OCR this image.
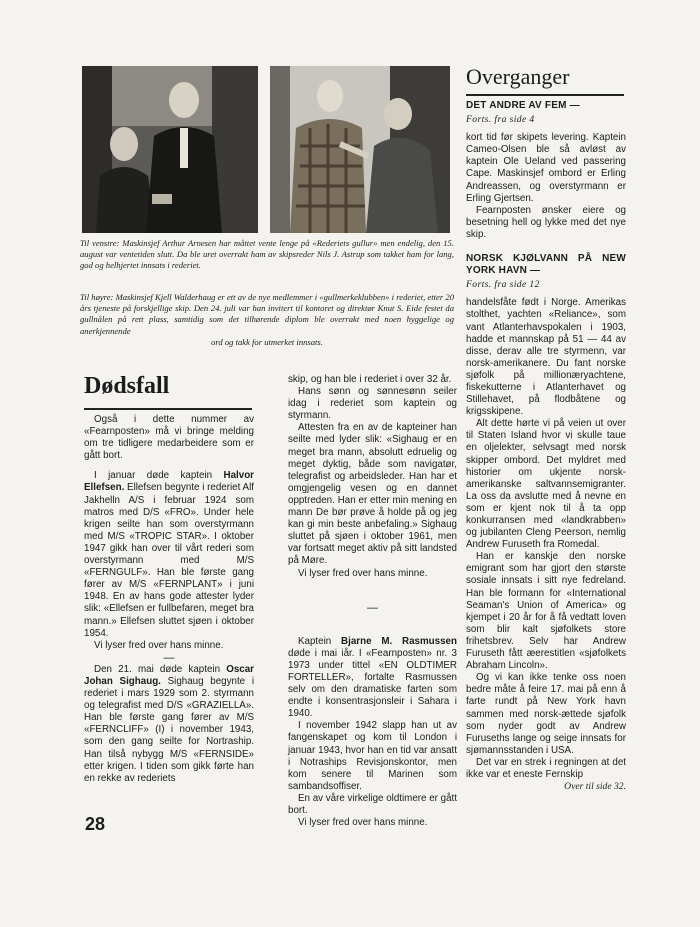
Til venstre: Maskinsjef Arthur Arnesen har måttet vente lenge på «Rederiets gullur» men endelig, den 15. august var ventetiden slutt. Da ble uret overrakt ham av skipsreder Nils J. Astrup som takket ham for lang, god og helhjertet innsats i rederiet.

Til høyre: Maskinsjef Kjell Walderhaug er ett av de nye medlemmer i «gullmerkeklubben» i rederiet, etter 20 års tjeneste på forskjellige skip. Den 24. juli var han invitert til kontoret og direktør Knut S. Eide festet da gullnålen på rett plass, samtidig som det tilhørende diplom ble overrakt med noen hyggelige og anerkjennende

ord og takk for utmerket innsats.

Dødsfall

Også i dette nummer av «Fearnposten» må vi bringe melding om tre tidligere medarbeidere som er gått bort.

I januar døde kaptein Halvor Ellefsen. Ellefsen begynte i rederiet Alf Jakhelln A/S i februar 1924 som matros med D/S «FRO». Under hele krigen seilte han som overstyrmann med M/S «TROPIC STAR». I oktober 1947 gikk han over til vårt rederi som overstyrmann med M/S «FERNGULF». Han ble første gang fører av M/S «FERNPLANT» i juni 1948. En av hans gode attester lyder slik: «Ellefsen er fullbefaren, meget bra mann.» Ellefsen sluttet sjøen i oktober 1954.

Vi lyser fred over hans minne.

—

Den 21. mai døde kaptein Oscar Johan Sighaug. Sighaug begynte i rederiet i mars 1929 som 2. styrmann og telegrafist med D/S «GRAZIELLA». Han ble første gang fører av M/S «FERNCLIFF» (I) i november 1943, som den gang seilte for Nortraship. Han tilså nybygg M/S «FERNSIDE» etter krigen. I tiden som gikk førte han en rekke av rederiets

skip, og han ble i rederiet i over 32 år.

Hans sønn og sønnesønn seiler idag i rederiet som kaptein og styrmann.

Attesten fra en av de kapteiner han seilte med lyder slik: «Sighaug er en meget bra mann, absolutt edruelig og meget dyktig, både som navigatør, telegrafist og arbeidsleder. Han har et omgjengelig vesen og en dannet opptreden. Han er etter min mening en mann De bør prøve å holde på og jeg kan gi min beste anbefaling.» Sighaug sluttet på sjøen i oktober 1961, men var fortsatt meget aktiv på sitt landsted på Møre.

Vi lyser fred over hans minne.

—

Kaptein Bjarne M. Rasmussen døde i mai iår. I «Fearnposten» nr. 3 1973 under tittel «EN OLDTIMER FORTELLER», fortalte Rasmussen selv om den dramatiske farten som endte i konsentrasjonsleir i Sahara i 1940.

I november 1942 slapp han ut av fangenskapet og kom til London i januar 1943, hvor han en tid var ansatt i Notraships Revisjonskontor, men kom senere til Marinen som sambandsoffiser.

En av våre virkelige oldtimere er gått bort.

Vi lyser fred over hans minne.

Overganger

DET ANDRE AV FEM —

Forts. fra side 4

kort tid før skipets levering. Kaptein Cameo-Olsen ble så avløst av kaptein Ole Ueland ved passering Cape. Maskinsjef ombord er Erling Andreassen, og overstyrmann er Erling Gjertsen.

Fearnposten ønsker eiere og besetning hell og lykke med det nye skip.

NORSK KJØLVANN PÅ NEW YORK HAVN —

Forts. fra side 12

handelsfåte født i Norge. Amerikas stolthet, yachten «Reliance», som vant Atlanterhavspokalen i 1903, hadde et mannskap på 51 — 44 av disse, derav alle tre styrmenn, var norsk-amerikanere. Du fant norske sjøfolk på millionæryachtene, fiskekutterne i Atlanterhavet og Stillehavet, på flodbåtene og krigsskipene.

Alt dette hørte vi på veien ut over til Staten Island hvor vi skulle taue en oljelekter, selvsagt med norsk skipper ombord. Det myldret med historier om ukjente norsk-amerikanske saltvannsemigranter. La oss da avslutte med å nevne en som er kjent nok til å ta opp konkurransen med «landkrabben» og jubilanten Cleng Peerson, nemlig Andrew Furuseth fra Romedal.

Han er kanskje den norske emigrant som har gjort den største sosiale innsats i sitt nye fedreland. Han ble formann for «International Seaman's Union of America» og kjempet i 20 år for å få vedtatt loven som blir kalt sjøfolkets store frihetsbrev. Selv har Andrew Furuseth fått æerestitlen «sjøfolkets Abraham Lincoln».

Og vi kan ikke tenke oss noen bedre måte å feire 17. mai på enn å farte rundt på New York havn sammen med norsk-ættede sjøfolk som nyder godt av Andrew Furuseths lange og seige innsats for sjømannsstanden i USA.

Det var en strek i regningen at det ikke var et eneste Fernskip

Over til side 32.

28
